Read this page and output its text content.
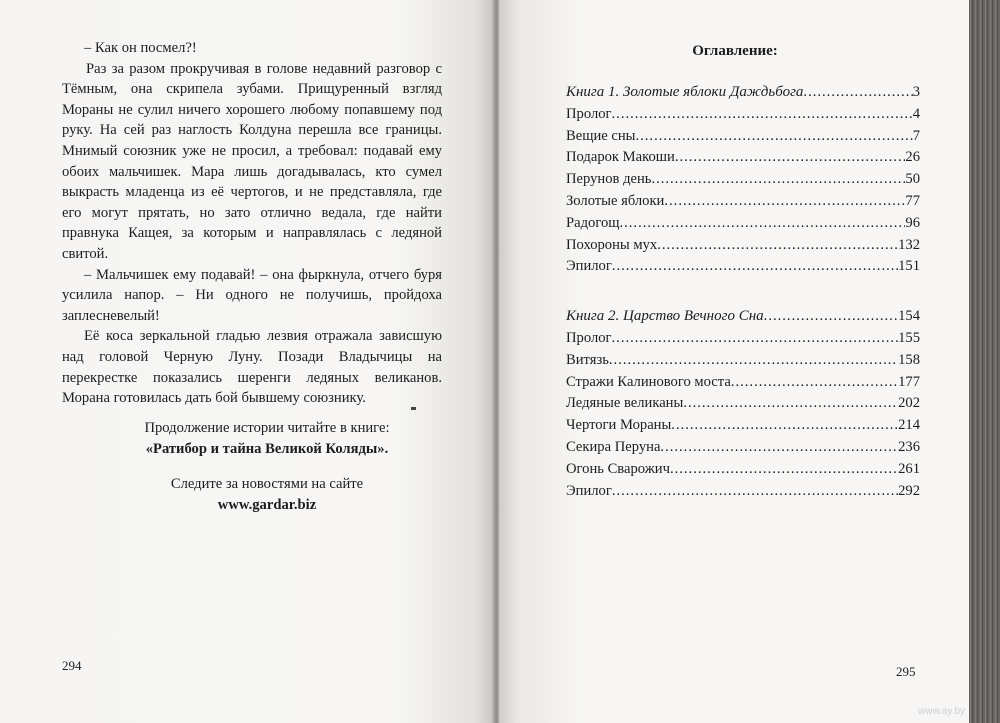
– Как он посмел?!

Раз за разом прокручивая в голове недавний разговор с Тёмным, она скрипела зубами. Прищуренный взгляд Мораны не сулил ничего хорошего любому попавшему под руку. На сей раз наглость Колдуна перешла все границы. Мнимый союзник уже не просил, а требовал: подавай ему обоих мальчишек. Мара лишь догадывалась, кто сумел выкрасть младенца из её чертогов, и не представляла, где его могут прятать, но зато отлично ведала, где найти правнука Кащея, за которым и направлялась с ледяной свитой.

– Мальчишек ему подавай! – она фыркнула, отчего буря усилила напор. – Ни одного не получишь, пройдоха заплесневелый!

Её коса зеркальной гладью лезвия отражала зависшую над головой Черную Луну. Позади Владычицы на перекрестке показались шеренги ледяных великанов. Морана готовилась дать бой бывшему союзнику.

Продолжение истории читайте в книге:
«Ратибор и тайна Великой Коляды».
Следите за новостями на сайте
www.gardar.biz
294
Оглавление:
Книга 1. Золотые яблоки Даждьбога .....	3
Пролог .....	4
Вещие сны .....	7
Подарок Макоши .....	26
Перунов день .....	50
Золотые яблоки .....	77
Радогощ .....	96
Похороны мух .....	132
Эпилог .....	151
Книга 2. Царство Вечного Сна .....	154
Пролог .....	155
Витязь .....	158
Стражи Калинового моста .....	177
Ледяные великаны .....	202
Чертоги Мораны .....	214
Секира Перуна .....	236
Огонь Сварожич .....	261
Эпилог .....	292
295
www.ay.by
